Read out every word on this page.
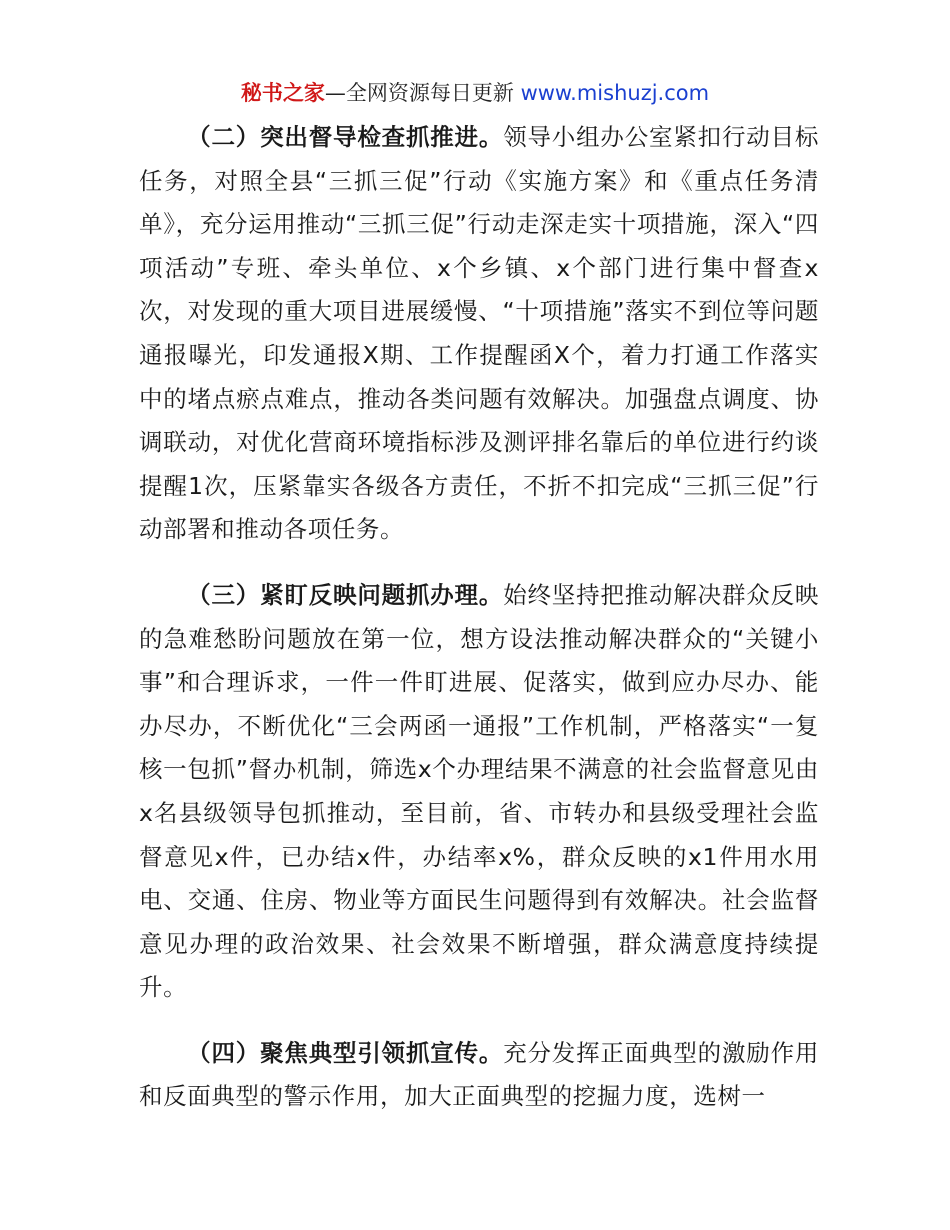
秘书之家—全网资源每日更新 www.mishuzj.com

（二）突出督导检查抓推进。领导小组办公室紧扣行动目标任务，对照全县“三抓三促”行动《实施方案》和《重点任务清单》，充分运用推动“三抓三促”行动走深走实十项措施，深入“四项活动”专班、牵头单位、x个乡镇、x个部门进行集中督查x次，对发现的重大项目进展缓慢、“十项措施”落实不到位等问题通报曝光，印发通报X期、工作提醒函X个，着力打通工作落实中的堵点瘀点难点，推动各类问题有效解决。加强盘点调度、协调联动，对优化营商环境指标涉及测评排名靠后的单位进行约谈提醒1次，压紧靠实各级各方责任，不折不扣完成“三抓三促”行动部署和推动各项任务。

（三）紧盯反映问题抓办理。始终坚持把推动解决群众反映的急难愁盼问题放在第一位，想方设法推动解决群众的“关键小事”和合理诉求，一件一件盯进展、促落实，做到应办尽办、能办尽办，不断优化“三会两函一通报”工作机制，严格落实“一复核一包抓”督办机制，筛选x个办理结果不满意的社会监督意见由x名县级领导包抓推动，至目前，省、市转办和县级受理社会监督意见x件，已办结x件，办结率x%，群众反映的x1件用水用电、交通、住房、物业等方面民生问题得到有效解决。社会监督意见办理的政治效果、社会效果不断增强，群众满意度持续提升。

（四）聚焦典型引领抓宣传。充分发挥正面典型的激励作用和反面典型的警示作用，加大正面典型的挖掘力度，选树一
